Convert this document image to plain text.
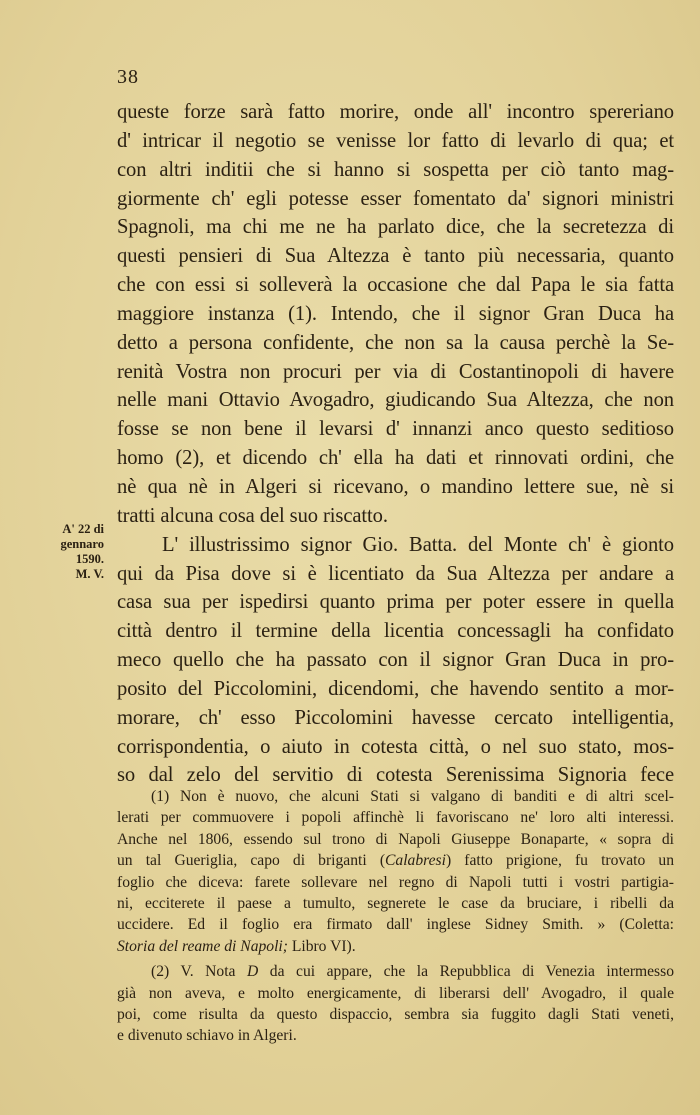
38
queste forze sarà fatto morire, onde all' incontro spereriano
d' intricar il negotio se venisse lor fatto di levarlo di qua; et
con altri inditii che si hanno si sospetta per ciò tanto mag-
giormente ch' egli potesse esser fomentato da' signori ministri
Spagnoli, ma chi me ne ha parlato dice, che la secretezza di
questi pensieri di Sua Altezza è tanto più necessaria, quanto
che con essi si solleverà la occasione che dal Papa le sia fatta
maggiore instanza (1). Intendo, che il signor Gran Duca ha
detto a persona confidente, che non sa la causa perchè la Se-
renità Vostra non procuri per via di Costantinopoli di havere
nelle mani Ottavio Avogadro, giudicando Sua Altezza, che non
fosse se non bene il levarsi d' innanzi anco questo seditioso
homo (2), et dicendo ch' ella ha dati et rinnovati ordini, che
nè qua nè in Algeri si ricevano, o mandino lettere sue, nè si
tratti alcuna cosa del suo riscatto.
L' illustrissimo signor Gio. Batta. del Monte ch' è gionto
qui da Pisa dove si è licentiato da Sua Altezza per andare a
casa sua per ispedirsi quanto prima per poter essere in quella
città dentro il termine della licentia concessagli ha confidato
meco quello che ha passato con il signor Gran Duca in pro-
posito del Piccolomini, dicendomi, che havendo sentito a mor-
morare, ch' esso Piccolomini havesse cercato intelligentia,
corrispondentia, o aiuto in cotesta città, o nel suo stato, mos-
so dal zelo del servitio di cotesta Serenissima Signoria fece
A' 22 di
gennaro
1590.
M. V.
(1) Non è nuovo, che alcuni Stati si valgano di banditi e di altri scel-
lerati per commuovere i popoli affinchè li favoriscano ne' loro alti interessi.
Anche nel 1806, essendo sul trono di Napoli Giuseppe Bonaparte, « sopra di
un tal Gueriglia, capo di briganti (Calabresi) fatto prigione, fu trovato un
foglio che diceva: farete sollevare nel regno di Napoli tutti i vostri partigia-
ni, ecciterete il paese a tumulto, segnerete le case da bruciare, i ribelli da
uccidere. Ed il foglio era firmato dall' inglese Sidney Smith. » (Coletta:
Storia del reame di Napoli; Libro VI).
(2) V. Nota D da cui appare, che la Repubblica di Venezia intermesso
già non aveva, e molto energicamente, di liberarsi dell' Avogadro, il quale
poi, come risulta da questo dispaccio, sembra sia fuggito dagli Stati veneti,
e divenuto schiavo in Algeri.
